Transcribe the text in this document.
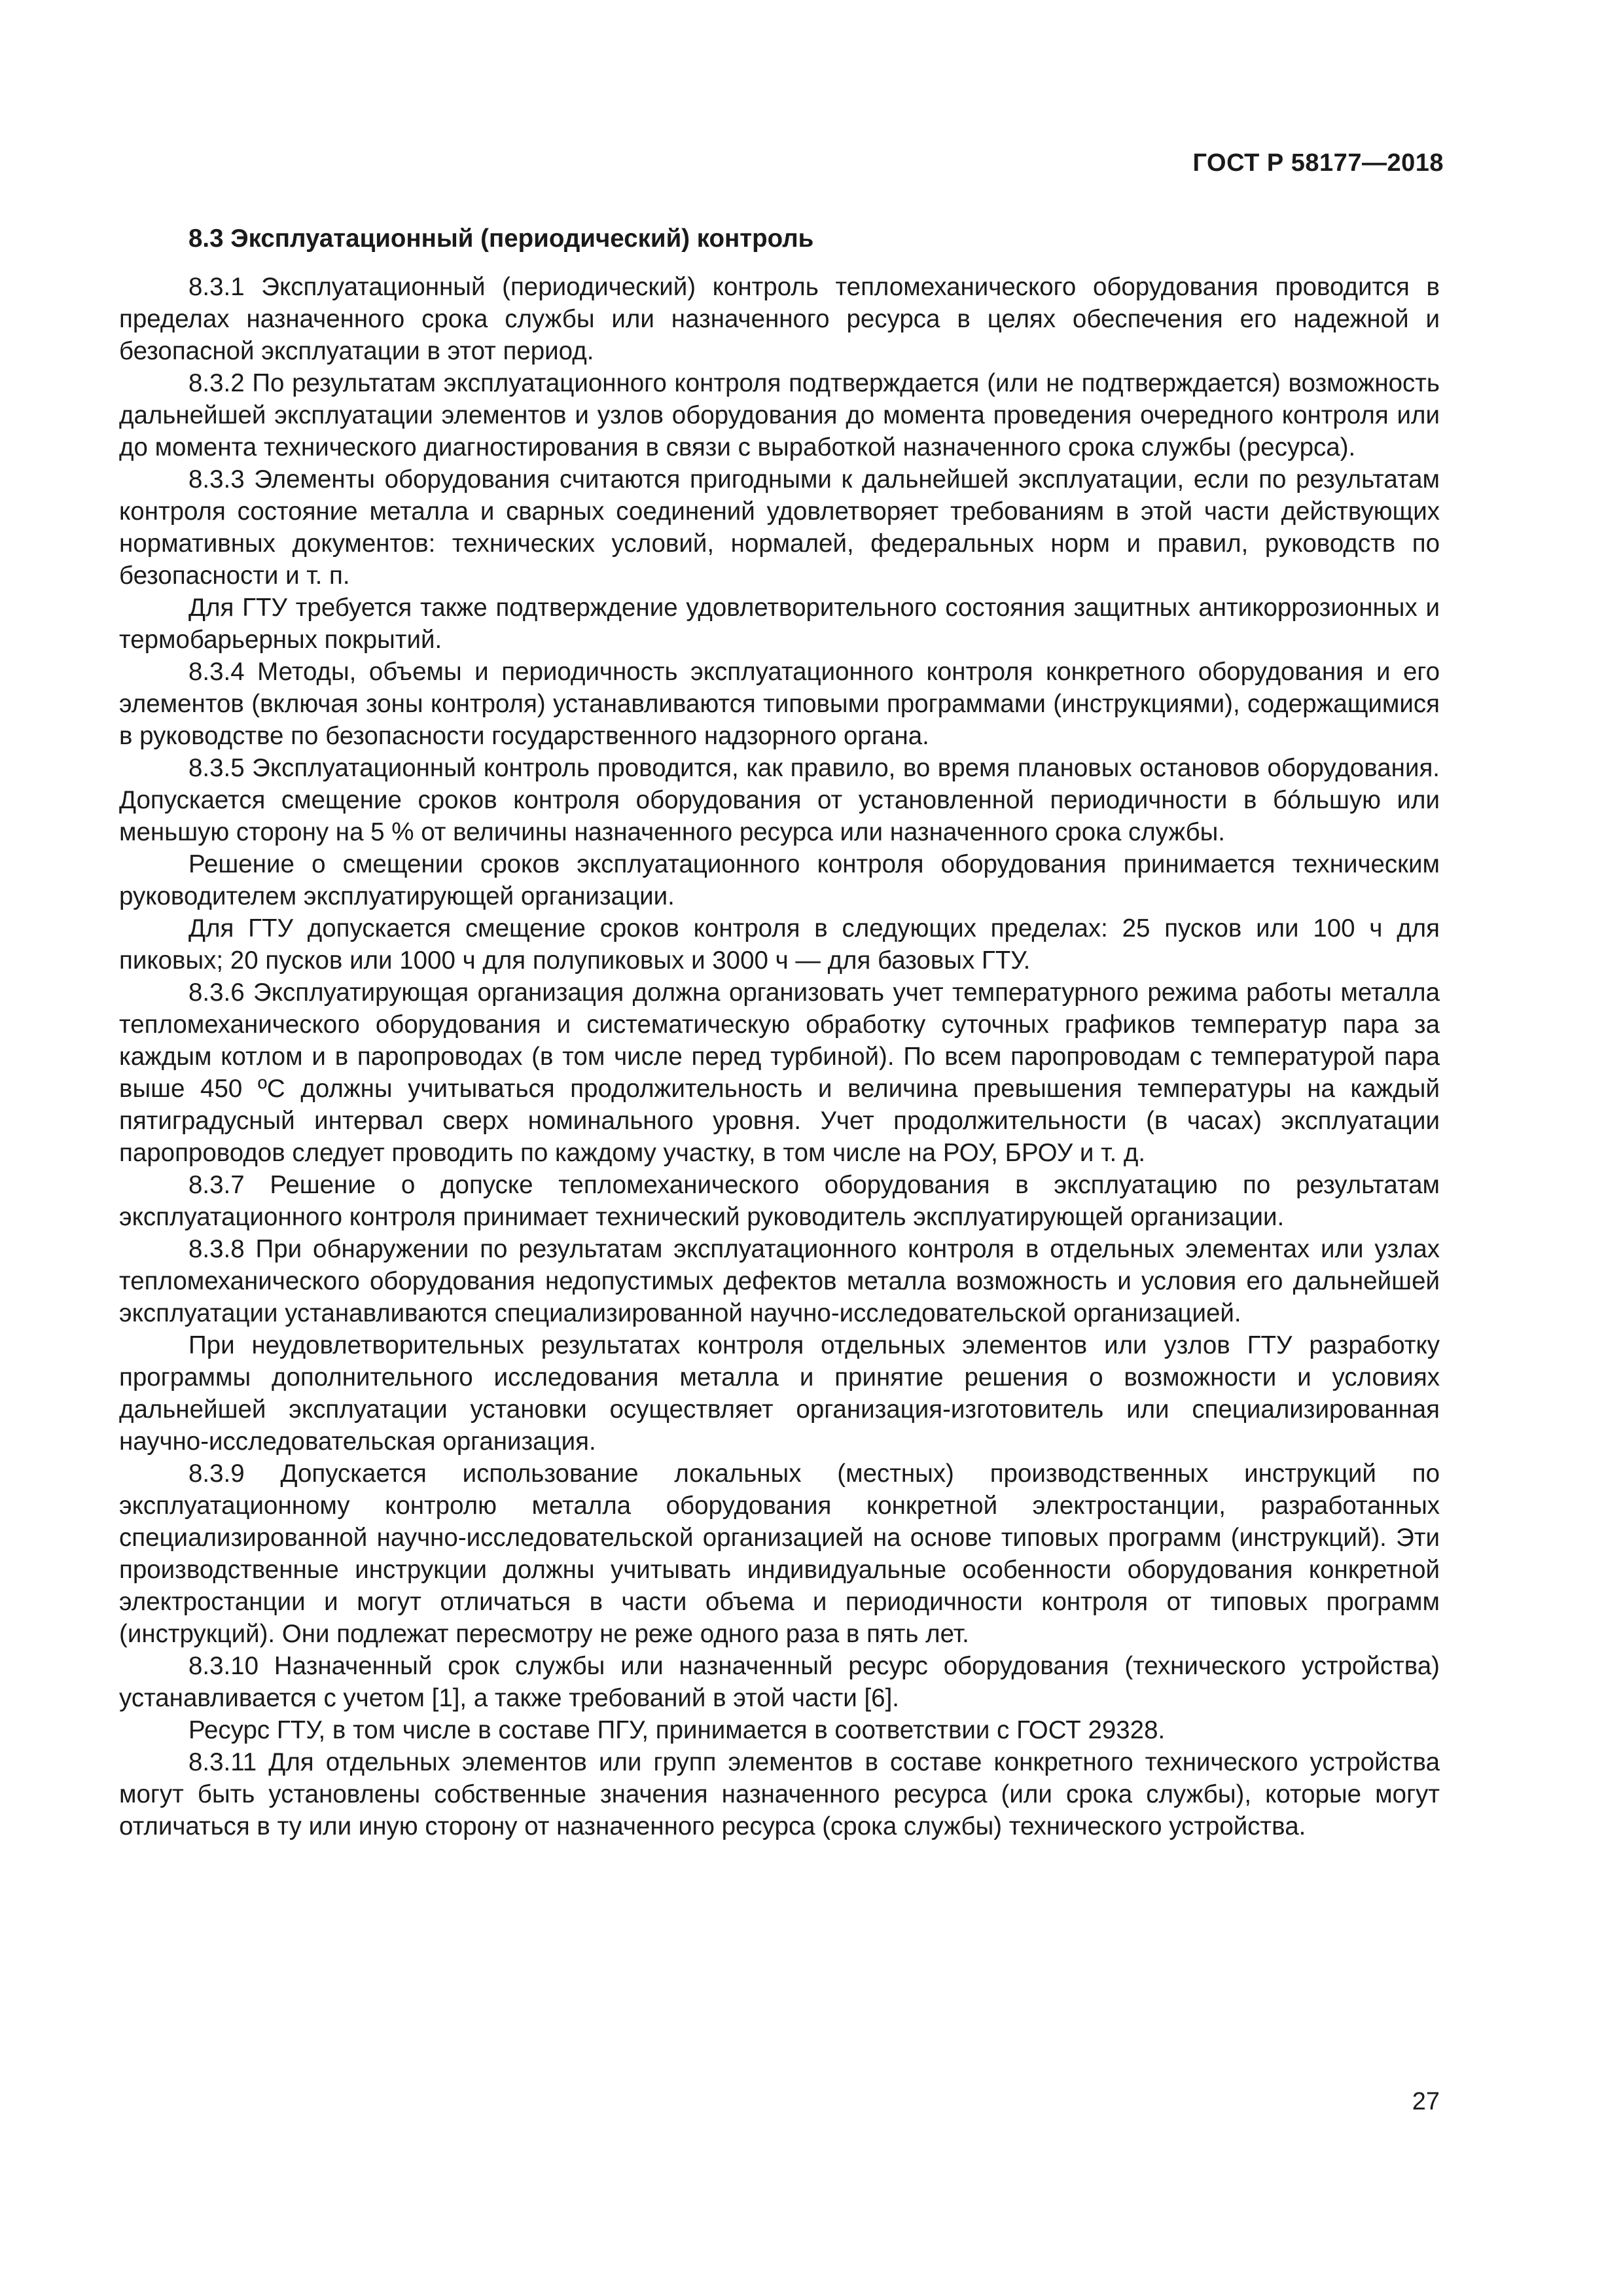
ГОСТ Р 58177—2018

8.3 Эксплуатационный (периодический) контроль

8.3.1 Эксплуатационный (периодический) контроль тепломеханического оборудования проводится в пределах назначенного срока службы или назначенного ресурса в целях обеспечения его надежной и безопасной эксплуатации в этот период.

8.3.2 По результатам эксплуатационного контроля подтверждается (или не подтверждается) возможность дальнейшей эксплуатации элементов и узлов оборудования до момента проведения очередного контроля или до момента технического диагностирования в связи с выработкой назначенного срока службы (ресурса).

8.3.3 Элементы оборудования считаются пригодными к дальнейшей эксплуатации, если по результатам контроля состояние металла и сварных соединений удовлетворяет требованиям в этой части действующих нормативных документов: технических условий, нормалей, федеральных норм и правил, руководств по безопасности и т. п.

Для ГТУ требуется также подтверждение удовлетворительного состояния защитных антикоррозионных и термобарьерных покрытий.

8.3.4 Методы, объемы и периодичность эксплуатационного контроля конкретного оборудования и его элементов (включая зоны контроля) устанавливаются типовыми программами (инструкциями), содержащимися в руководстве по безопасности государственного надзорного органа.

8.3.5 Эксплуатационный контроль проводится, как правило, во время плановых остановов оборудования. Допускается смещение сроков контроля оборудования от установленной периодичности в бóльшую или меньшую сторону на 5 % от величины назначенного ресурса или назначенного срока службы.

Решение о смещении сроков эксплуатационного контроля оборудования принимается техническим руководителем эксплуатирующей организации.

Для ГТУ допускается смещение сроков контроля в следующих пределах: 25 пусков или 100 ч для пиковых; 20 пусков или 1000 ч для полупиковых и 3000 ч — для базовых ГТУ.

8.3.6 Эксплуатирующая организация должна организовать учет температурного режима работы металла тепломеханического оборудования и систематическую обработку суточных графиков температур пара за каждым котлом и в паропроводах (в том числе перед турбиной). По всем паропроводам с температурой пара выше 450 ºС должны учитываться продолжительность и величина превышения температуры на каждый пятиградусный интервал сверх номинального уровня. Учет продолжительности (в часах) эксплуатации паропроводов следует проводить по каждому участку, в том числе на РОУ, БРОУ и т. д.

8.3.7 Решение о допуске тепломеханического оборудования в эксплуатацию по результатам эксплуатационного контроля принимает технический руководитель эксплуатирующей организации.

8.3.8 При обнаружении по результатам эксплуатационного контроля в отдельных элементах или узлах тепломеханического оборудования недопустимых дефектов металла возможность и условия его дальнейшей эксплуатации устанавливаются специализированной научно-исследовательской организацией.

При неудовлетворительных результатах контроля отдельных элементов или узлов ГТУ разработку программы дополнительного исследования металла и принятие решения о возможности и условиях дальнейшей эксплуатации установки осуществляет организация-изготовитель или специализированная научно-исследовательская организация.

8.3.9 Допускается использование локальных (местных) производственных инструкций по эксплуатационному контролю металла оборудования конкретной электростанции, разработанных специализированной научно-исследовательской организацией на основе типовых программ (инструкций). Эти производственные инструкции должны учитывать индивидуальные особенности оборудования конкретной электростанции и могут отличаться в части объема и периодичности контроля от типовых программ (инструкций). Они подлежат пересмотру не реже одного раза в пять лет.

8.3.10 Назначенный срок службы или назначенный ресурс оборудования (технического устройства) устанавливается с учетом [1], а также требований в этой части [6].

Ресурс ГТУ, в том числе в составе ПГУ, принимается в соответствии с ГОСТ 29328.

8.3.11 Для отдельных элементов или групп элементов в составе конкретного технического устройства могут быть установлены собственные значения назначенного ресурса (или срока службы), которые могут отличаться в ту или иную сторону от назначенного ресурса (срока службы) технического устройства.

27
